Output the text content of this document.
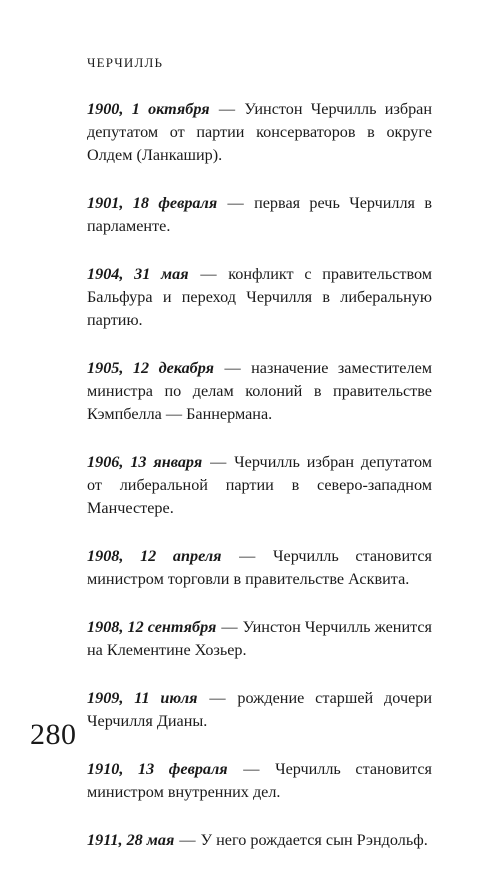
ЧЕРЧИЛЛЬ

1900, 1 октября — Уинстон Черчилль избран депутатом от партии консерваторов в округе Олдем (Ланкашир).

1901, 18 февраля — первая речь Черчилля в парламенте.

1904, 31 мая — конфликт с правительством Бальфура и переход Черчилля в либеральную партию.

1905, 12 декабря — назначение заместителем министра по делам колоний в правительстве Кэмпбелла — Баннермана.

1906, 13 января — Черчилль избран депутатом от либеральной партии в северо-западном Манчестере.

1908, 12 апреля — Черчилль становится министром торговли в правительстве Асквита.

1908, 12 сентября — Уинстон Черчилль женится на Клементине Хозьер.

1909, 11 июля — рождение старшей дочери Черчилля Дианы.

1910, 13 февраля — Черчилль становится министром внутренних дел.

1911, 28 мая — У него рождается сын Рэндольф.

280
